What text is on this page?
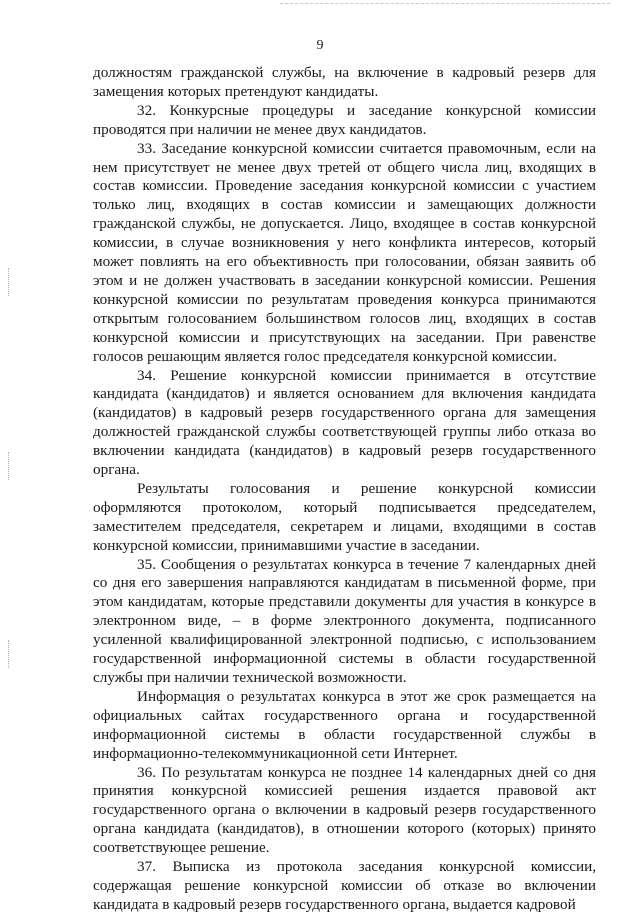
9

должностям гражданской службы, на включение в кадровый резерв для замещения которых претендуют кандидаты.

32. Конкурсные процедуры и заседание конкурсной комиссии проводятся при наличии не менее двух кандидатов.

33. Заседание конкурсной комиссии считается правомочным, если на нем присутствует не менее двух третей от общего числа лиц, входящих в состав комиссии. Проведение заседания конкурсной комиссии с участием только лиц, входящих в состав комиссии и замещающих должности гражданской службы, не допускается. Лицо, входящее в состав конкурсной комиссии, в случае возникновения у него конфликта интересов, который может повлиять на его объективность при голосовании, обязан заявить об этом и не должен участвовать в заседании конкурсной комиссии. Решения конкурсной комиссии по результатам проведения конкурса принимаются открытым голосованием большинством голосов лиц, входящих в состав конкурсной комиссии и присутствующих на заседании. При равенстве голосов решающим является голос председателя конкурсной комиссии.

34. Решение конкурсной комиссии принимается в отсутствие кандидата (кандидатов) и является основанием для включения кандидата (кандидатов) в кадровый резерв государственного органа для замещения должностей гражданской службы соответствующей группы либо отказа во включении кандидата (кандидатов) в кадровый резерв государственного органа.

Результаты голосования и решение конкурсной комиссии оформляются протоколом, который подписывается председателем, заместителем председателя, секретарем и лицами, входящими в состав конкурсной комиссии, принимавшими участие в заседании.

35. Сообщения о результатах конкурса в течение 7 календарных дней со дня его завершения направляются кандидатам в письменной форме, при этом кандидатам, которые представили документы для участия в конкурсе в электронном виде, – в форме электронного документа, подписанного усиленной квалифицированной электронной подписью, с использованием государственной информационной системы в области государственной службы при наличии технической возможности.

Информация о результатах конкурса в этот же срок размещается на официальных сайтах государственного органа и государственной информационной системы в области государственной службы в информационно-телекоммуникационной сети Интернет.

36. По результатам конкурса не позднее 14 календарных дней со дня принятия конкурсной комиссией решения издается правовой акт государственного органа о включении в кадровый резерв государственного органа кандидата (кандидатов), в отношении которого (которых) принято соответствующее решение.

37. Выписка из протокола заседания конкурсной комиссии, содержащая решение конкурсной комиссии об отказе во включении кандидата в кадровый резерв государственного органа, выдается кадровой
